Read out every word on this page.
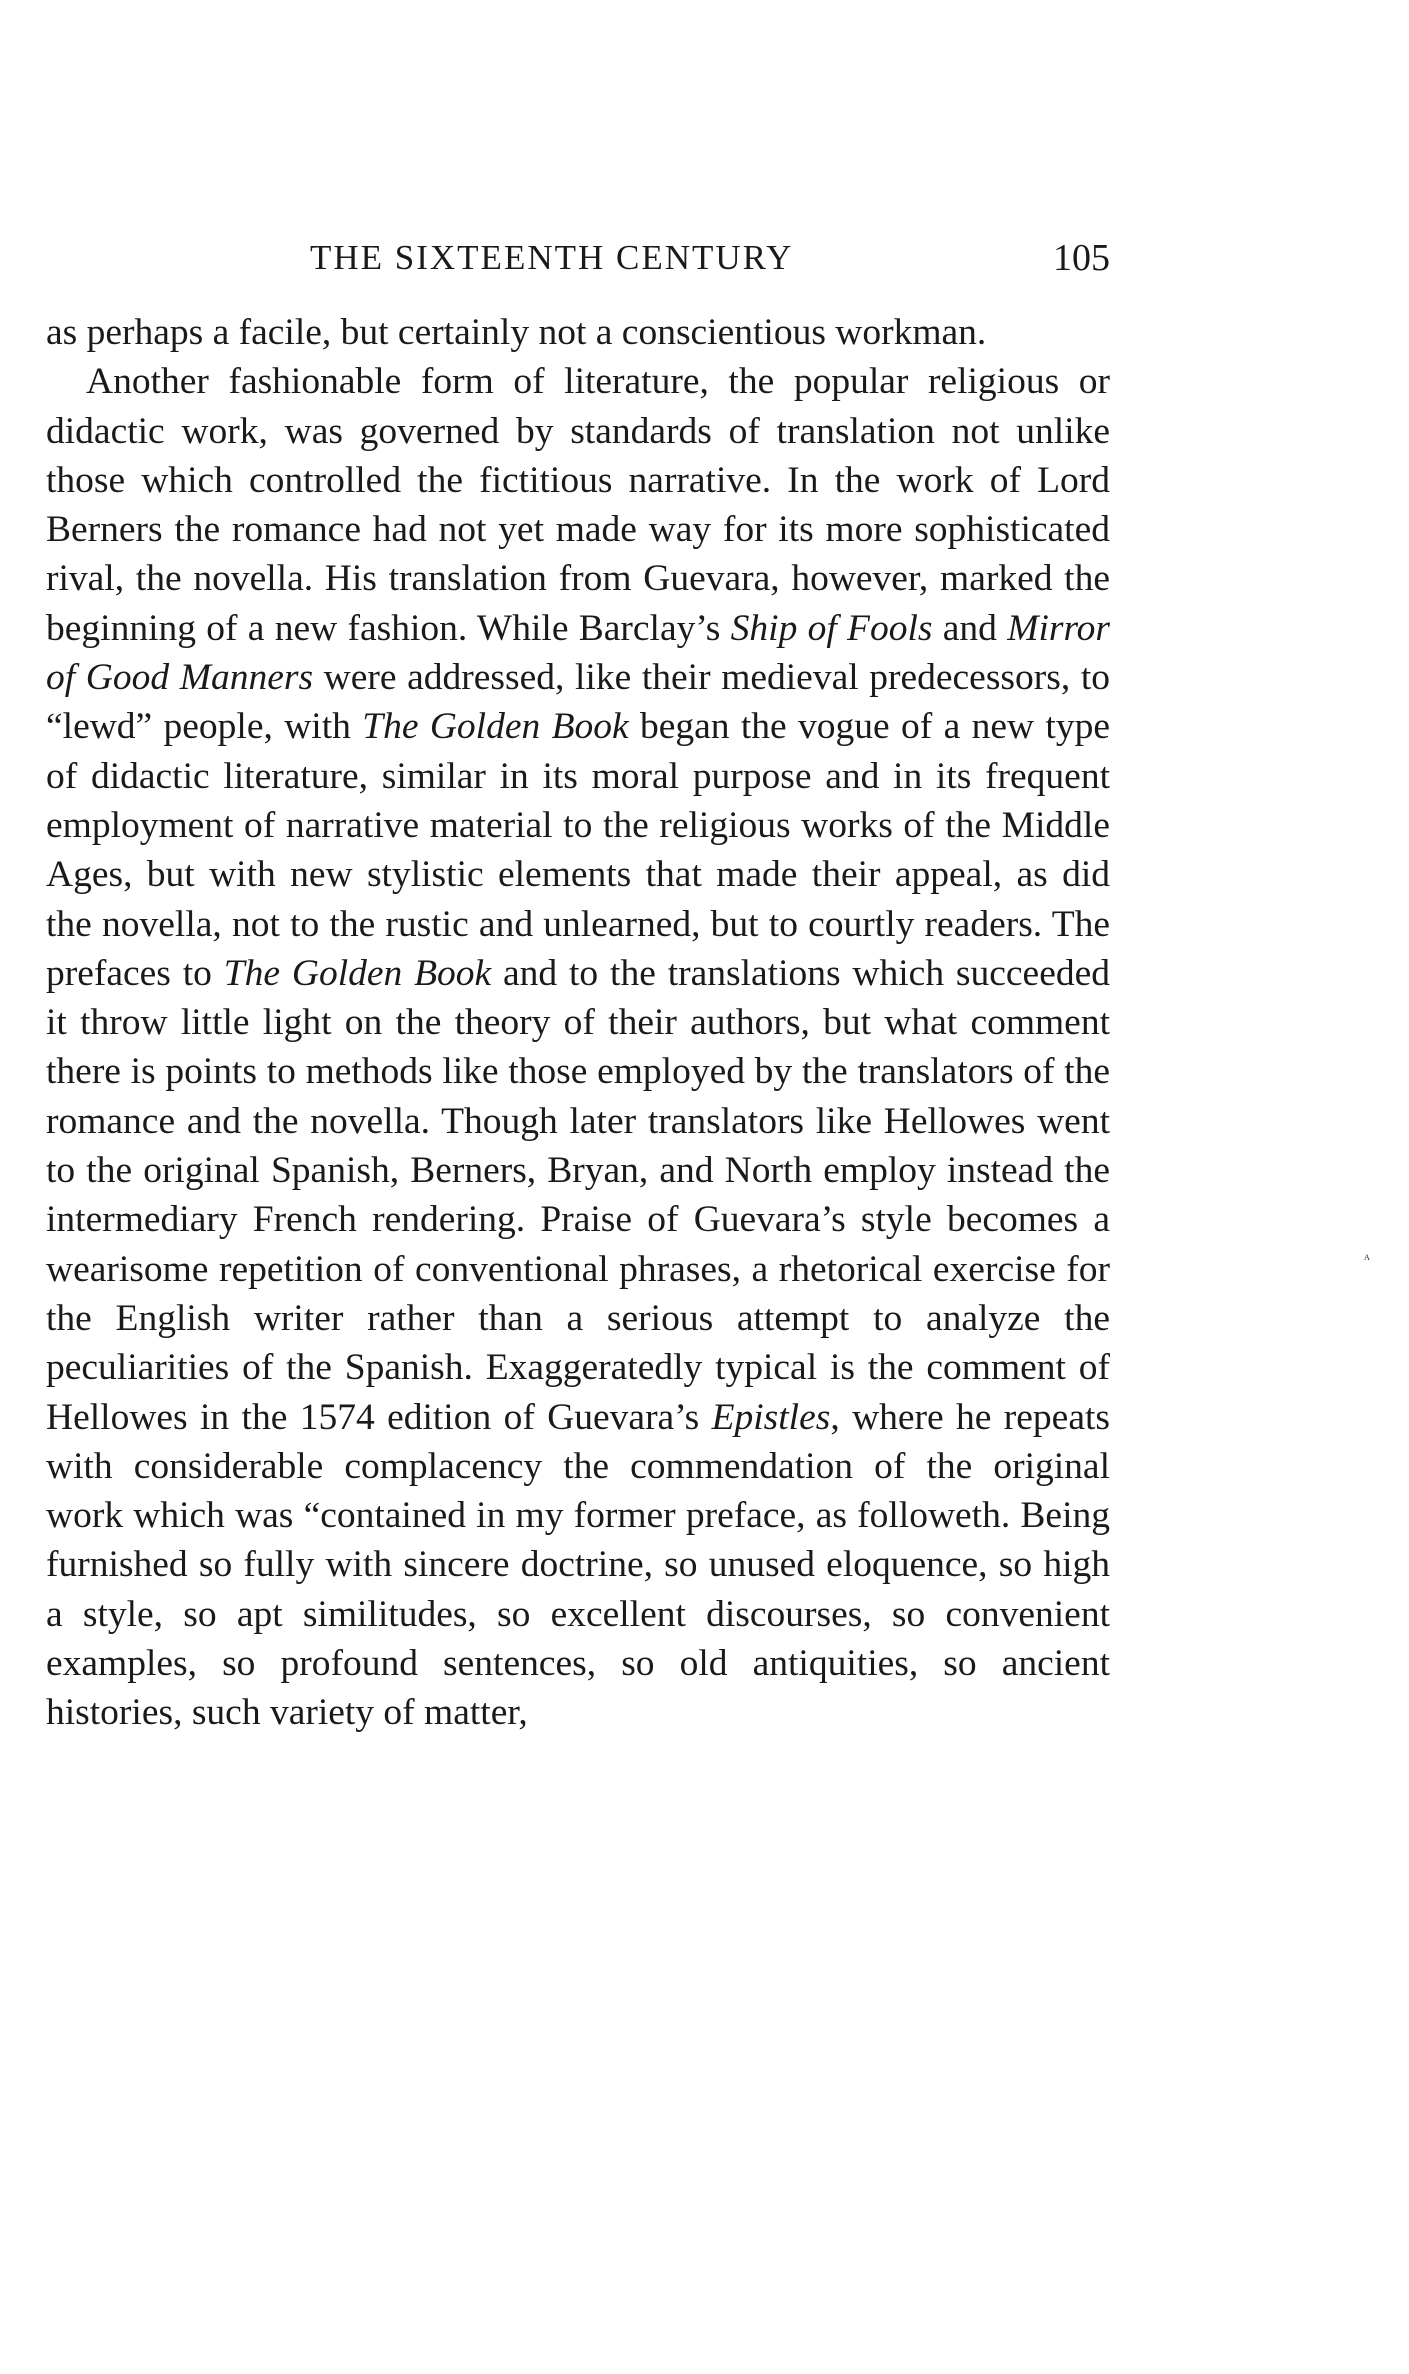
THE SIXTEENTH CENTURY	105

as perhaps a facile, but certainly not a conscientious workman.

Another fashionable form of literature, the popular religious or didactic work, was governed by standards of translation not unlike those which controlled the fictitious narrative. In the work of Lord Berners the romance had not yet made way for its more sophisticated rival, the novella. His translation from Guevara, however, marked the beginning of a new fashion. While Barclay’s Ship of Fools and Mirror of Good Manners were addressed, like their medieval predecessors, to “lewd” people, with The Golden Book began the vogue of a new type of didactic literature, similar in its moral purpose and in its frequent employment of narrative material to the religious works of the Middle Ages, but with new stylistic elements that made their appeal, as did the novella, not to the rustic and unlearned, but to courtly readers. The prefaces to The Golden Book and to the translations which succeeded it throw little light on the theory of their authors, but what comment there is points to methods like those employed by the translators of the romance and the novella. Though later translators like Hellowes went to the original Spanish, Berners, Bryan, and North employ instead the intermediary French rendering. Praise of Guevara’s style becomes a wearisome repetition of conventional phrases, a rhetorical exercise for the English writer rather than a serious attempt to analyze the peculiarities of the Spanish. Exaggeratedly typical is the comment of Hellowes in the 1574 edition of Guevara’s Epistles, where he repeats with considerable complacency the commendation of the original work which was “contained in my former preface, as followeth. Being furnished so fully with sincere doctrine, so unused eloquence, so high a style, so apt similitudes, so excellent discourses, so convenient examples, so profound sentences, so old antiquities, so ancient histories, such variety of matter,

ᴬ
